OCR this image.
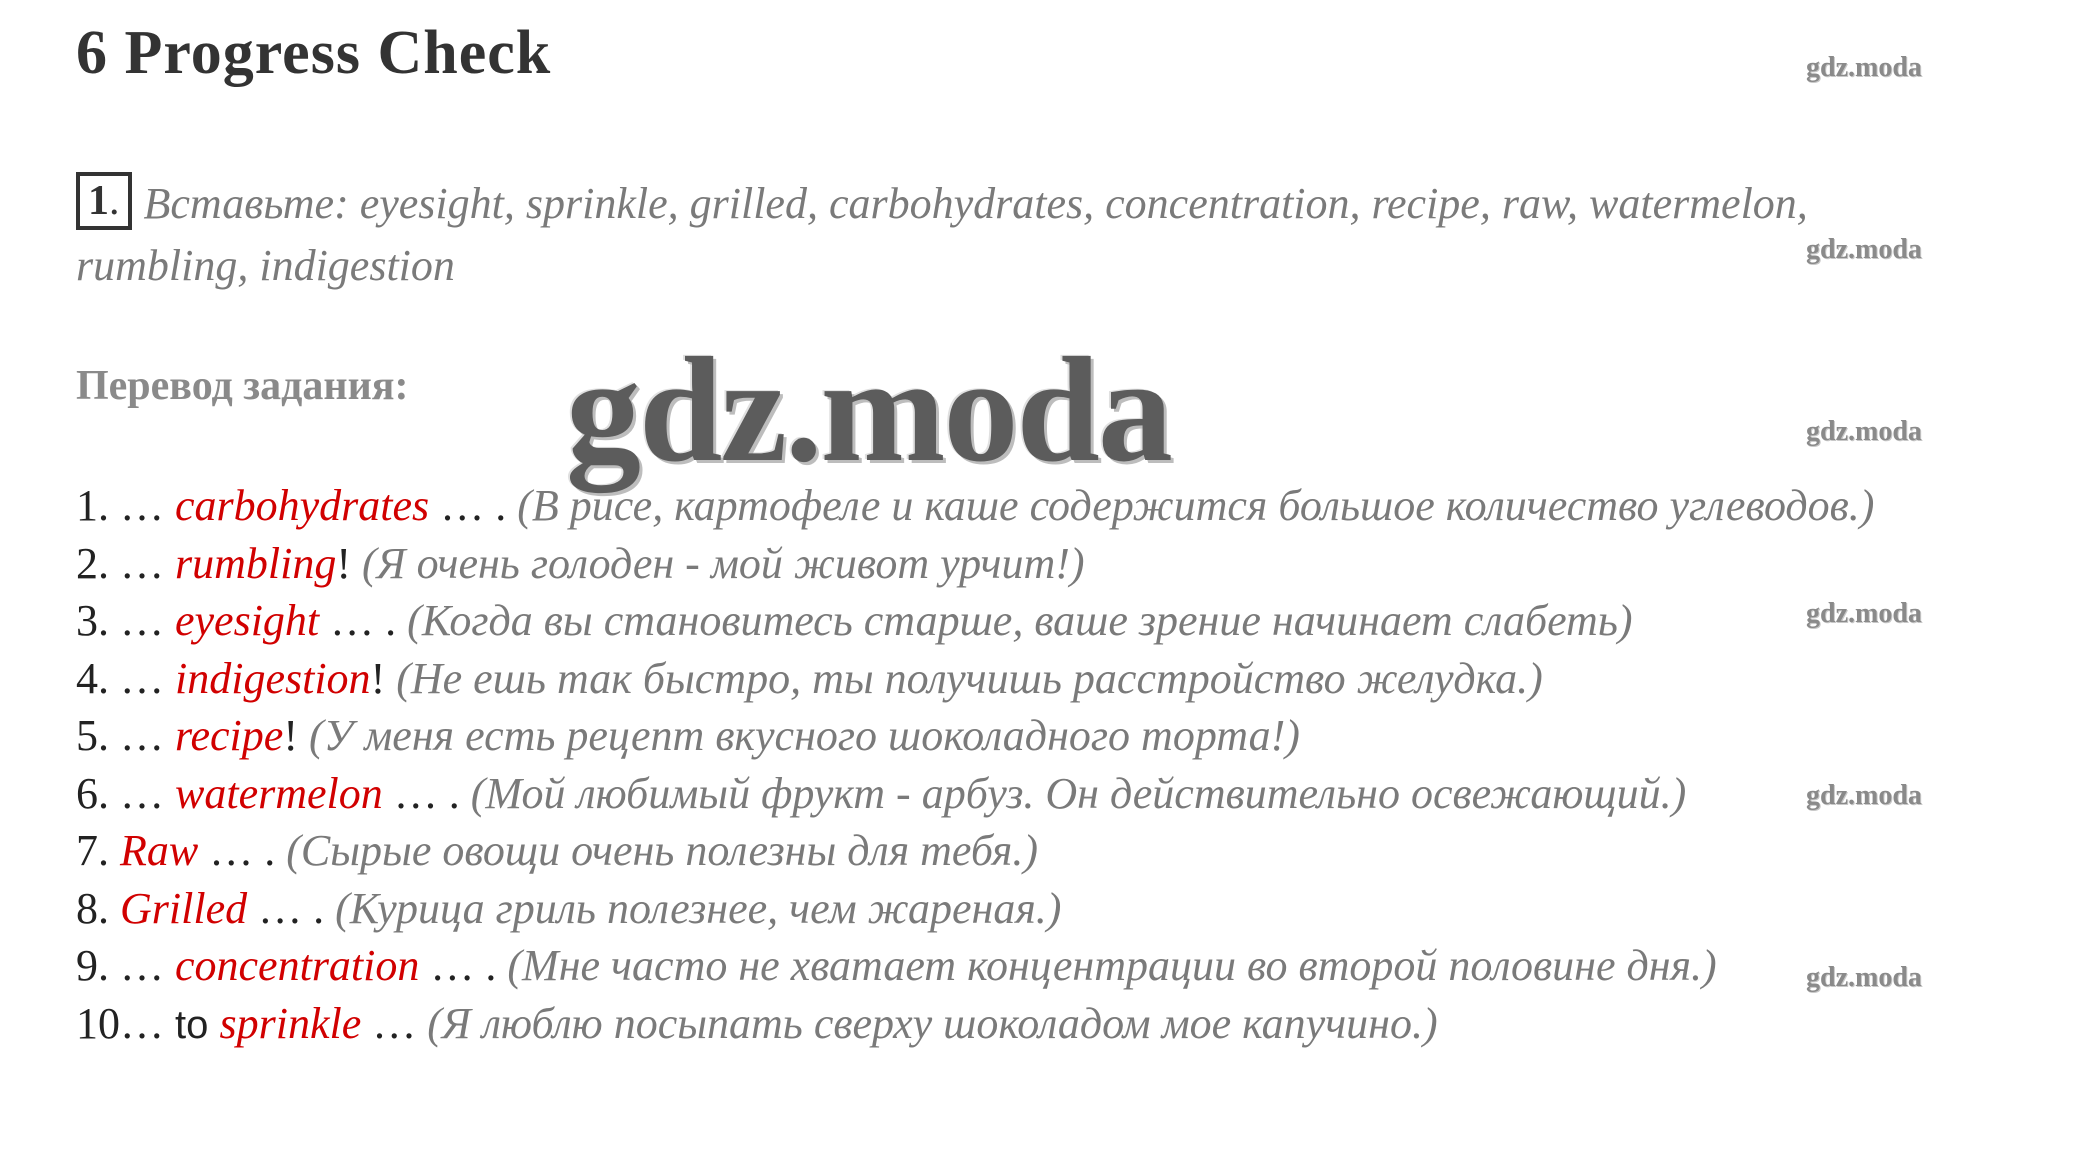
6 Progress Check	gdz.moda
gdz.moda
gdz.moda
gdz.moda
gdz.moda
gdz.moda
1. Вставьте: eyesight, sprinkle, grilled, carbohydrates, concentration, recipe, raw, watermelon, rumbling, indigestion
Перевод задания:
1. … carbohydrates … . (В рисе, картофеле и каше содержится большое количество углеводов.)
2. … rumbling! (Я очень голоден - мой живот урчит!)
3. … eyesight … . (Когда вы становитесь старше, ваше зрение начинает слабеть)
4. … indigestion! (Не ешь так быстро, ты получишь расстройство желудка.)
5. … recipe! (У меня есть рецепт вкусного шоколадного торта!)
6. … watermelon … . (Мой любимый фрукт - арбуз. Он действительно освежающий.)
7. Raw … . (Сырые овощи очень полезны для тебя.)
8. Grilled … . (Курица гриль полезнее, чем жареная.)
9. … concentration … . (Мне часто не хватает концентрации во второй половине дня.)
10… to sprinkle … (Я люблю посыпать сверху шоколадом мое капучино.)
gdz.moda
